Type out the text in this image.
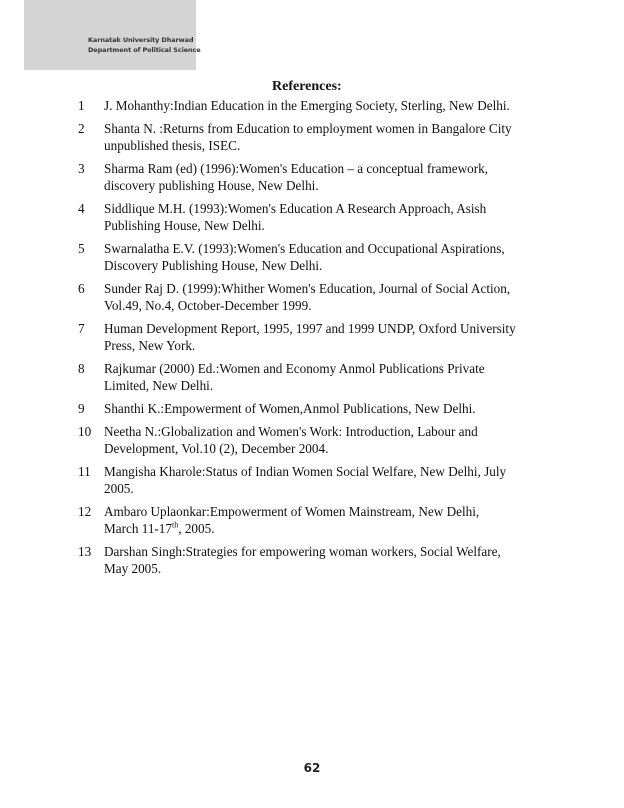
Karnatak University Dharwad
Department of Political Science
References:
1	J. Mohanthy:Indian Education in the Emerging Society, Sterling, New Delhi.
2	Shanta N. :Returns from Education to employment women in Bangalore City
unpublished thesis, ISEC.
3	Sharma Ram (ed) (1996):Women's Education – a conceptual framework,
discovery publishing House, New Delhi.
4	Siddlique M.H. (1993):Women's Education A Research Approach, Asish
Publishing House, New Delhi.
5	Swarnalatha E.V. (1993):Women's Education and Occupational Aspirations,
Discovery Publishing House, New Delhi.
6	Sunder Raj D. (1999):Whither Women's Education, Journal of Social Action,
Vol.49, No.4, October-December 1999.
7	Human Development Report, 1995, 1997 and 1999 UNDP, Oxford University
Press, New York.
8	Rajkumar (2000) Ed.:Women and Economy Anmol Publications Private
Limited, New Delhi.
9	Shanthi K.:Empowerment of Women,Anmol Publications, New Delhi.
10 Neetha N.:Globalization and Women's Work: Introduction, Labour and
Development, Vol.10 (2), December 2004.
11	Mangisha Kharole:Status of Indian Women Social Welfare, New Delhi, July
2005.
12 Ambaro Uplaonkar:Empowerment of Women Mainstream, New Delhi,
March 11-17th, 2005.
13 Darshan Singh:Strategies for empowering woman workers, Social Welfare,
May 2005.
62
